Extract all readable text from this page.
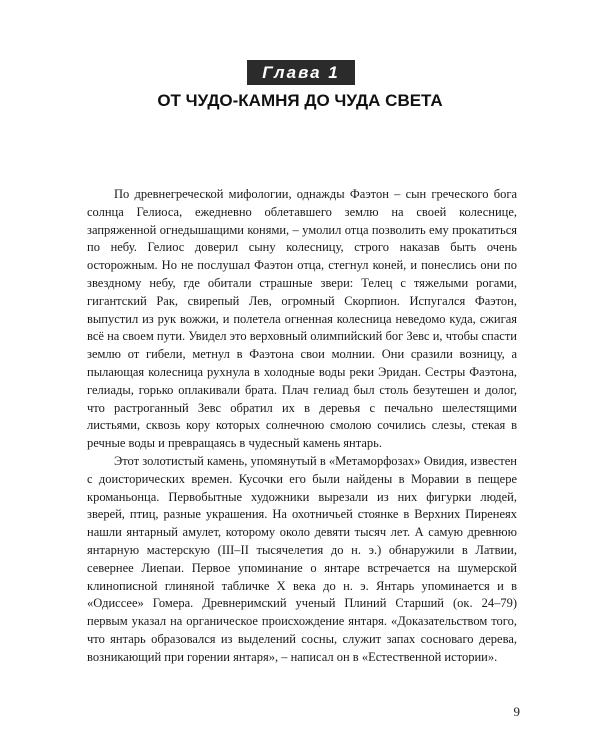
Глава 1
ОТ ЧУДО-КАМНЯ ДО ЧУДА СВЕТА

По древнегреческой мифологии, однажды Фаэтон – сын греческого бога солнца Гелиоса, ежедневно облетавшего землю на своей колеснице, запряженной огнедышащими конями, – умолил отца позволить ему прокатиться по небу. Гелиос доверил сыну колесницу, строго наказав быть очень осторожным. Но не послушал Фаэтон отца, стегнул коней, и понеслись они по звездному небу, где обитали страшные звери: Телец с тяжелыми рогами, гигантский Рак, свирепый Лев, огромный Скорпион. Испугался Фаэтон, выпустил из рук вожжи, и полетела огненная колесница неведомо куда, сжигая всё на своем пути. Увидел это верховный олимпийский бог Зевс и, чтобы спасти землю от гибели, метнул в Фаэтона свои молнии. Они сразили возницу, а пылающая колесница рухнула в холодные воды реки Эридан. Сестры Фаэтона, гелиады, горько оплакивали брата. Плач гелиад был столь безутешен и долог, что растроганный Зевс обратил их в деревья с печально шелестящими листьями, сквозь кору которых солнечною смолою сочились слезы, стекая в речные воды и превращаясь в чудесный камень янтарь.

Этот золотистый камень, упомянутый в «Метаморфозах» Овидия, известен с доисторических времен. Кусочки его были найдены в Моравии в пещере кроманьонца. Первобытные художники вырезали из них фигурки людей, зверей, птиц, разные украшения. На охотничьей стоянке в Верхних Пиренеях нашли янтарный амулет, которому около девяти тысяч лет. А самую древнюю янтарную мастерскую (III–II тысячелетия до н. э.) обнаружили в Латвии, севернее Лиепаи. Первое упоминание о янтаре встречается на шумерской клинописной глиняной табличке X века до н. э. Янтарь упоминается и в «Одиссее» Гомера. Древнеримский ученый Плиний Старший (ок. 24–79) первым указал на органическое происхождение янтаря. «Доказательством того, что янтарь образовался из выделений сосны, служит запах сосноваго дерева, возникающий при горении янтаря», – написал он в «Естественной истории».

9
